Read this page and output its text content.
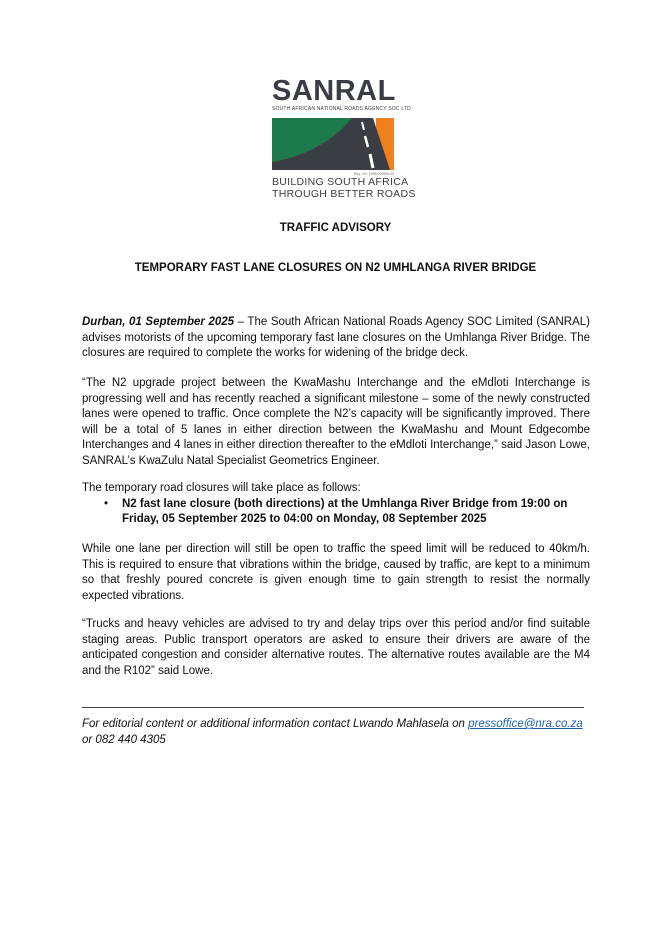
SANRAL
SOUTH AFRICAN NATIONAL ROADS AGENCY SOC LTD
Reg. No. 1998/009584/30
BUILDING SOUTH AFRICA
THROUGH BETTER ROADS
TRAFFIC ADVISORY
TEMPORARY FAST LANE CLOSURES ON N2 UMHLANGA RIVER BRIDGE

Durban, 01 September 2025 – The South African National Roads Agency SOC Limited (SANRAL) advises motorists of the upcoming temporary fast lane closures on the Umhlanga River Bridge. The closures are required to complete the works for widening of the bridge deck.

“The N2 upgrade project between the KwaMashu Interchange and the eMdloti Interchange is progressing well and has recently reached a significant milestone – some of the newly constructed lanes were opened to traffic. Once complete the N2’s capacity will be significantly improved. There will be a total of 5 lanes in either direction between the KwaMashu and Mount Edgecombe Interchanges and 4 lanes in either direction thereafter to the eMdloti Interchange,” said Jason Lowe, SANRAL’s KwaZulu Natal Specialist Geometrics Engineer.

The temporary road closures will take place as follows:

• N2 fast lane closure (both directions) at the Umhlanga River Bridge from 19:00 on Friday, 05 September 2025 to 04:00 on Monday, 08 September 2025

While one lane per direction will still be open to traffic the speed limit will be reduced to 40km/h. This is required to ensure that vibrations within the bridge, caused by traffic, are kept to a minimum so that freshly poured concrete is given enough time to gain strength to resist the normally expected vibrations.

“Trucks and heavy vehicles are advised to try and delay trips over this period and/or find suitable staging areas. Public transport operators are asked to ensure their drivers are aware of the anticipated congestion and consider alternative routes. The alternative routes available are the M4 and the R102” said Lowe.

For editorial content or additional information contact Lwando Mahlasela on pressoffice@nra.co.za
or 082 440 4305
